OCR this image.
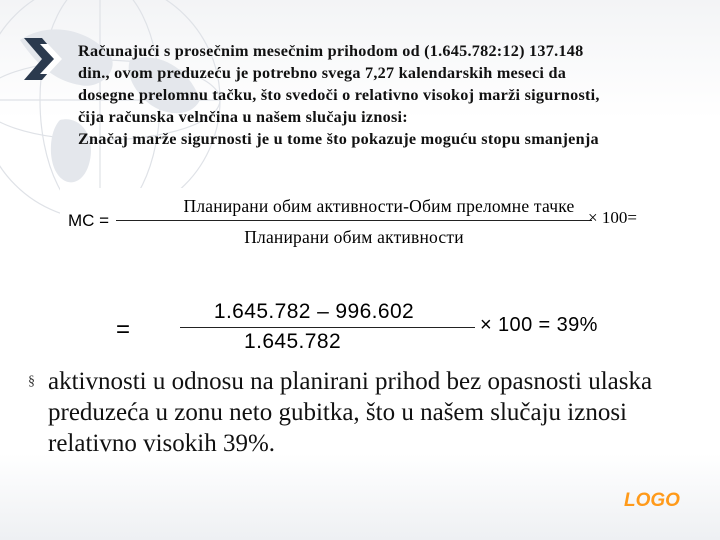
Računajući s prosečnim mesečnim prihodom od (1.645.782:12) 137.148

din., ovom preduzeću je potrebno svega 7,27 kalendarskih meseci da

dosegne prelomnu tačku, što svedoči o relativno visokoj marži sigurnosti,

čija računska velnčina u našem slučaju iznosi:

Značaj marže sigurnosti je u tome što pokazuje moguću stopu smanjenja

MC =
Планирани обим активности-Обим преломне тачке
Планирани обим активности
× 100=
=
1.645.782 – 996.602
1.645.782
× 100 = 39%
§ aktivnosti u odnosu na planirani prihod bez opasnosti ulaska preduzeća u zonu neto gubitka, što u našem slučaju iznosi relativno visokih 39%.
LOGO
